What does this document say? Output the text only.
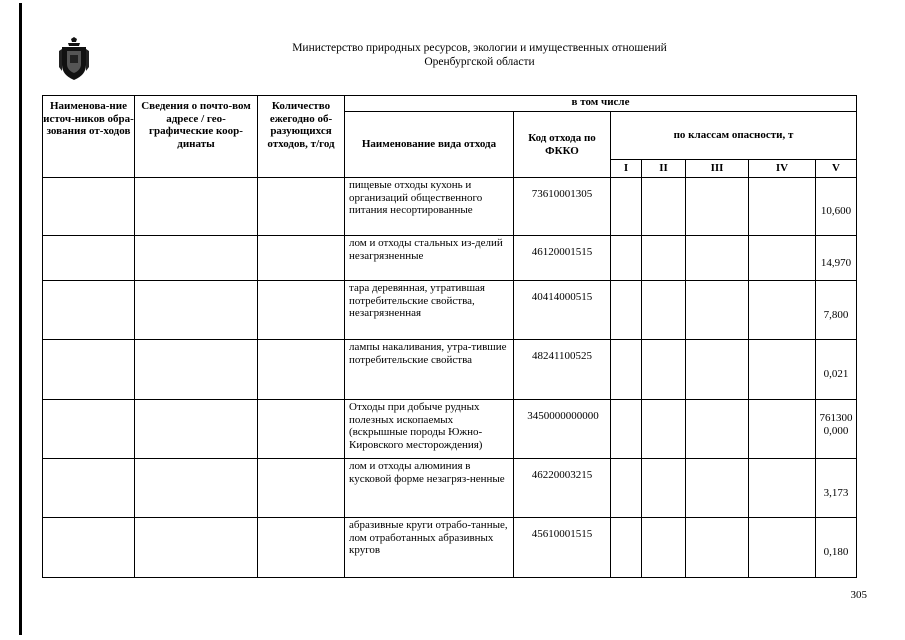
Министерство природных ресурсов, экологии и имущественных отношений
Оренбургской области
Наименова-ние источ-ников обра-зования от-ходов	Сведения о почто-вом адресе / гео-графические коор-динаты	Количество ежегодно об-разующихся отходов, т/год	в том числе						
			Наименование вида отхода	Код отхода по ФККО	по классам опасности, т				
					I	II	III	IV	V
			пищевые отходы кухонь и организаций общественного питания несортированные	73610001305					10,600
			лом и отходы стальных из-делий незагрязненные	46120001515					14,970
			тара деревянная, утратившая потребительские свойства, незагрязненная	40414000515					7,800
			лампы накаливания, утра-тившие потребительские свойства	48241100525					0,021
			Отходы при добыче рудных полезных ископаемых (вскрышные породы Южно-Кировского месторождения)	3450000000000					7613000,000
			лом и отходы алюминия в кусковой форме незагряз-ненные	46220003215					3,173
			абразивные круги отрабо-танные, лом отработанных абразивных кругов	45610001515					0,180
305
